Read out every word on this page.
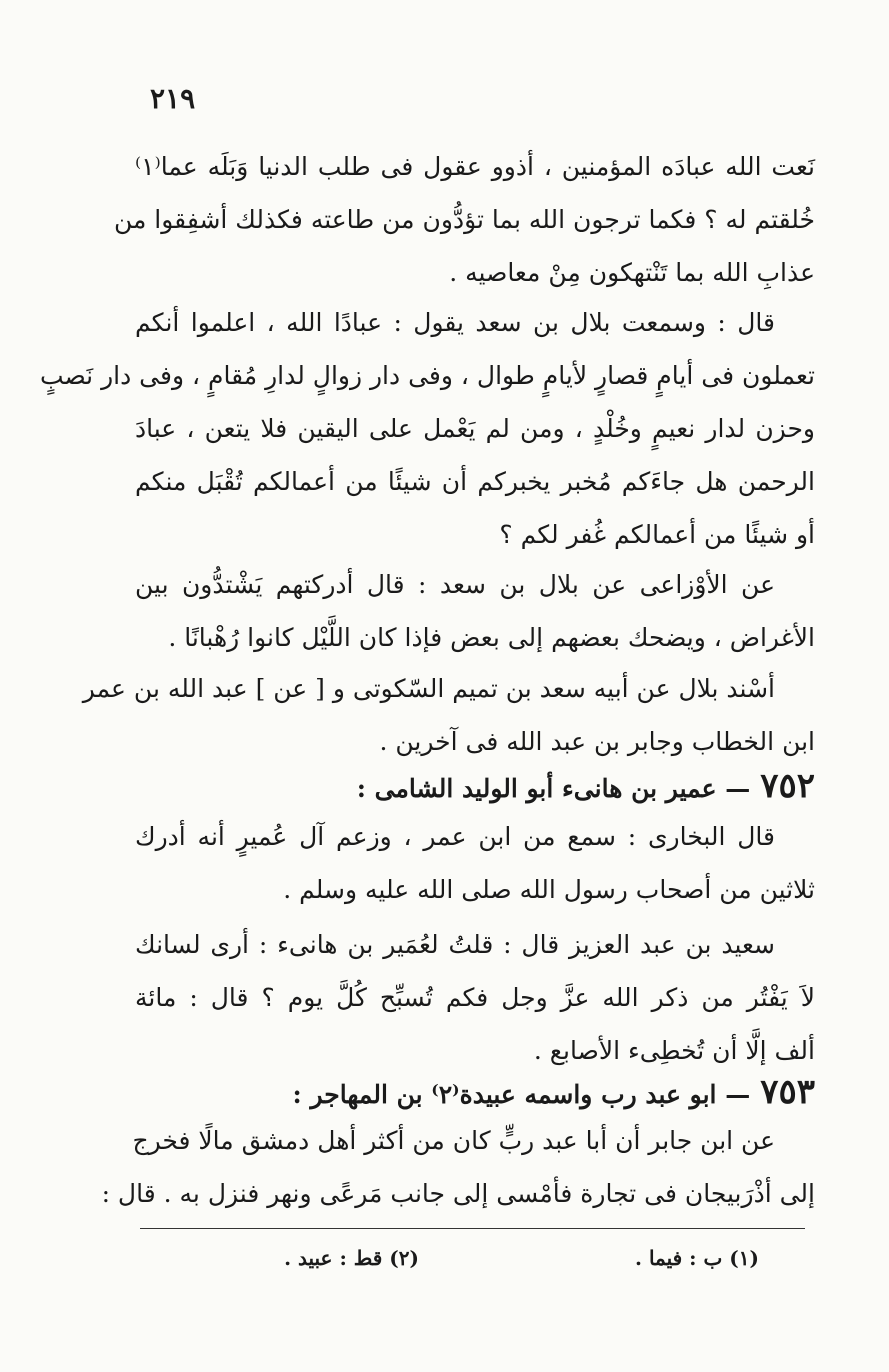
٢١٩
نَعت الله عبادَه المؤمنين ، أذوو عقول فى طلب الدنيا وَبَلَه عما⁽١⁾
خُلقتم له ؟ فكما ترجون الله بما تؤدُّون من طاعته فكذلك أشفِقوا من
عذابِ الله بما تَنْتهكون مِنْ معاصيه .
قال : وسمعت بلال بن سعد يقول : عبادًا الله ، اعلموا أنكم
تعملون فى أيامٍ قصارٍ لأيامٍ طوال ، وفى دار زوالٍ لدارِ مُقامٍ ، وفى دار نَصبٍ
وحزن لدار نعيمٍ وخُلْدٍ ، ومن لم يَعْمل على اليقين فلا يتعن ، عبادَ
الرحمن هل جاءَكم مُخبر يخبركم أن شيئًا من أعمالكم تُقْبَل منكم
أو شيئًا من أعمالكم غُفر لكم ؟
عن الأوْزاعى عن بلال بن سعد : قال أدركتهم يَشْتدُّون بين
الأغراض ، ويضحك بعضهم إلى بعض فإذا كان اللَّيْل كانوا رُهْبانًا .
أسْند بلال عن أبيه سعد بن تميم السّكوتى و [ عن ] عبد الله بن عمر
ابن الخطاب وجابر بن عبد الله فى آخرين .
٧٥٢— عمير بن هانىء أبو الوليد الشامى :
قال البخارى : سمع من ابن عمر ، وزعم آل عُميرٍ أنه أدرك
ثلاثين من أصحاب رسول الله صلى الله عليه وسلم .
سعيد بن عبد العزيز قال : قلتُ لعُمَير بن هانىء : أرى لسانك
لاَ يَفْتُر من ذكر الله عزَّ وجل فكم تُسبِّح كُلَّ يوم ؟ قال : مائة
ألف إلَّا أن تُخطِىء الأصابع .
٧٥٣— ابو عبد رب واسمه عبيدة⁽٢⁾ بن المهاجر :
عن ابن جابر أن أبا عبد ربٍّ كان من أكثر أهل دمشق مالًا فخرج
إلى أذْرَبيجان فى تجارة فأمْسى إلى جانب مَرعًى ونهر فنزل به . قال :
(١) ب : فيما .
(٢) قط : عبيد .
